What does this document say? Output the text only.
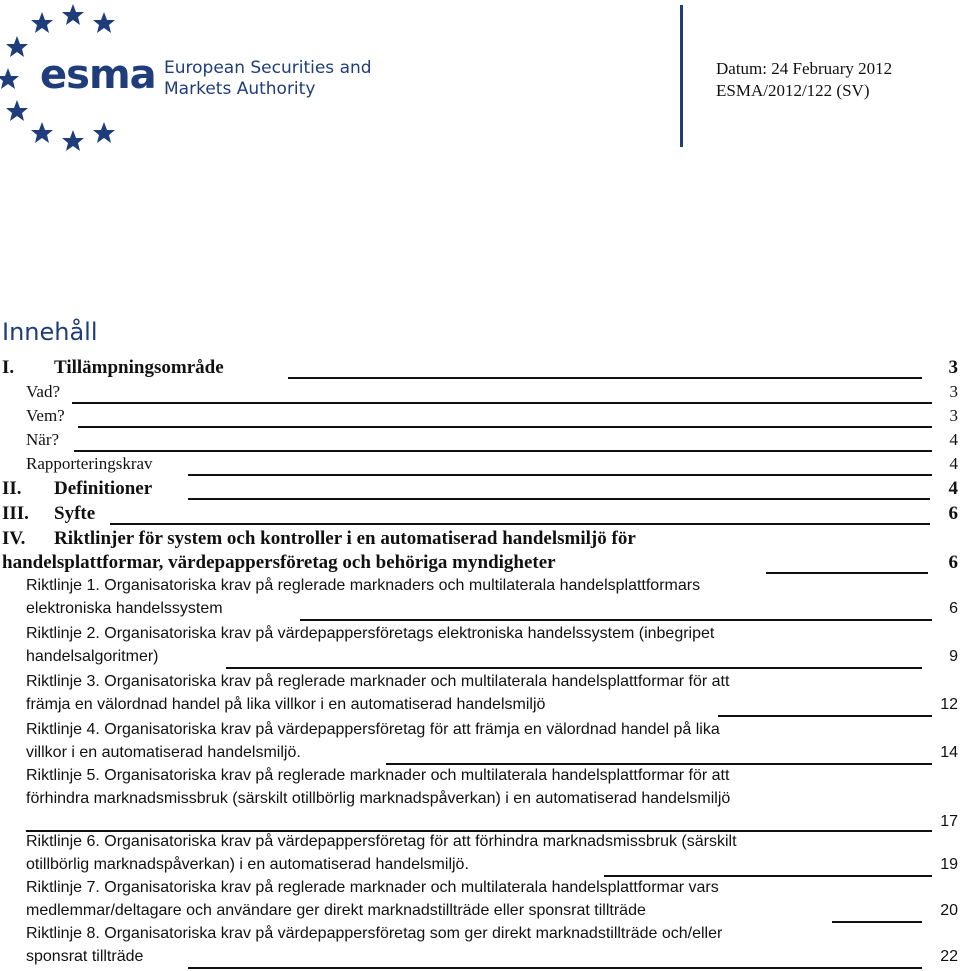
esma European Securities and
Markets Authority
Datum: 24 February 2012
ESMA/2012/122 (SV)
Innehåll
I. Tillämpningsområde	3
Vad?	3
Vem?	3
När?	4
Rapporteringskrav	4
II. Definitioner	4
III. Syfte	6
IV. Riktlinjer för system och kontroller i en automatiserad handelsmiljö för
handelsplattformar, värdepappersföretag och behöriga myndigheter	6
Riktlinje 1. Organisatoriska krav på reglerade marknaders och multilaterala handelsplattformars
elektroniska handelssystem	6
Riktlinje 2. Organisatoriska krav på värdepappersföretags elektroniska handelssystem (inbegripet
handelsalgoritmer)	9
Riktlinje 3. Organisatoriska krav på reglerade marknader och multilaterala handelsplattformar för att
främja en välordnad handel på lika villkor i en automatiserad handelsmiljö	12
Riktlinje 4. Organisatoriska krav på värdepappersföretag för att främja en välordnad handel på lika
villkor i en automatiserad handelsmiljö.	14
Riktlinje 5. Organisatoriska krav på reglerade marknader och multilaterala handelsplattformar för att
förhindra marknadsmissbruk (särskilt otillbörlig marknadspåverkan) i en automatiserad handelsmiljö
17
Riktlinje 6. Organisatoriska krav på värdepappersföretag för att förhindra marknadsmissbruk (särskilt
otillbörlig marknadspåverkan) i en automatiserad handelsmiljö.	19
Riktlinje 7. Organisatoriska krav på reglerade marknader och multilaterala handelsplattformar vars
medlemmar/deltagare och användare ger direkt marknadstillträde eller sponsrat tillträde	20
Riktlinje 8. Organisatoriska krav på värdepappersföretag som ger direkt marknadstillträde och/eller
sponsrat tillträde	22
